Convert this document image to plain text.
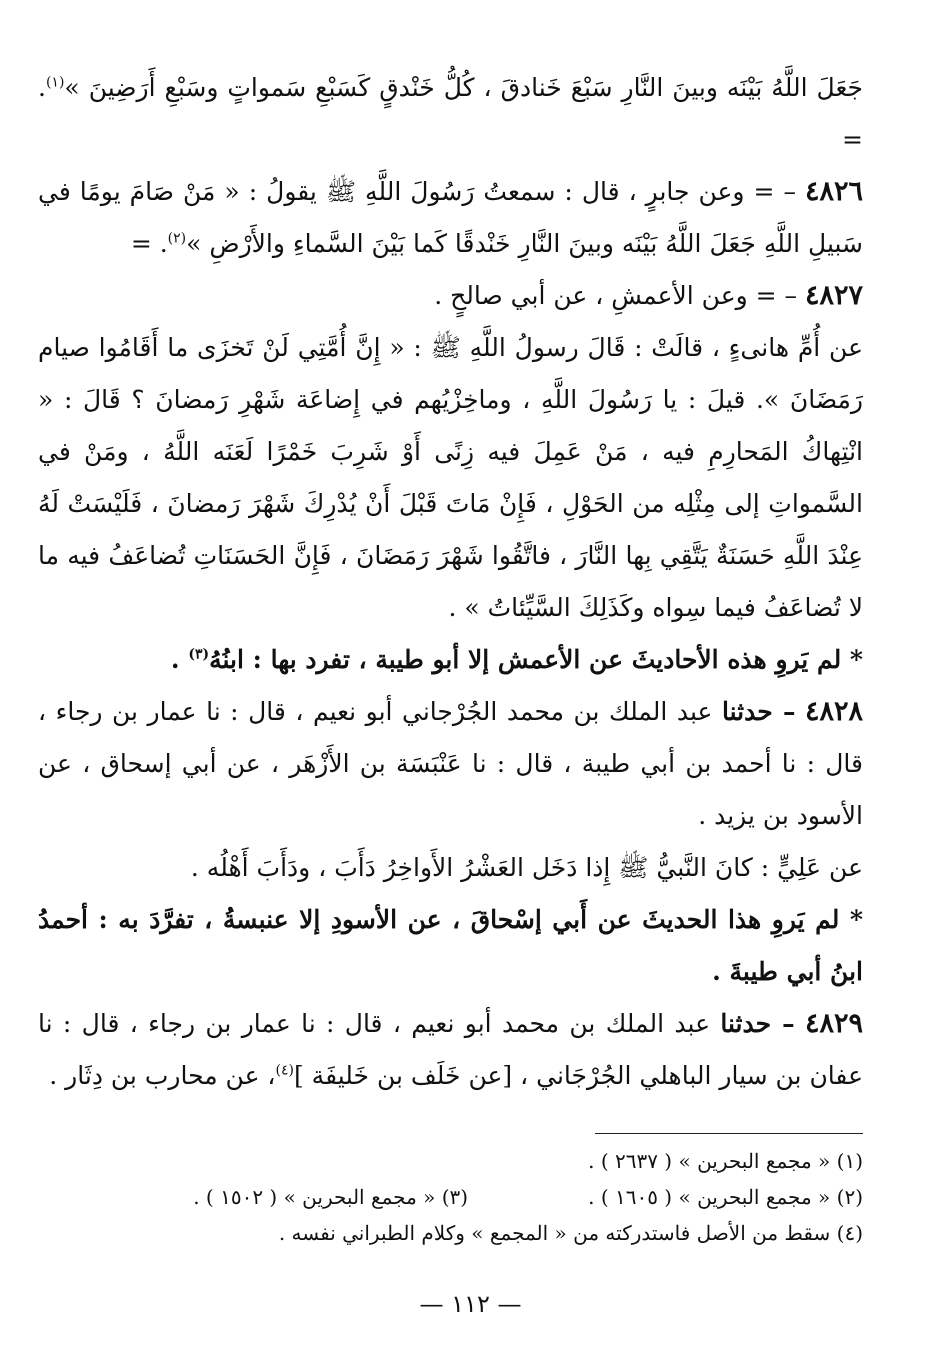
جَعَلَ اللَّهُ بَيْنَه وبينَ النَّارِ سَبْعَ خَنادقَ ، كُلُّ خَنْدقٍ كَسَبْعِ سَمواتٍ وسَبْعِ أَرَضِينَ »$^{(١)}$. =

٤٨٢٦ – = وعن جابرٍ ، قال : سمعتُ رَسُولَ اللَّهِ ﷺ يقولُ : « مَنْ صَامَ يومًا في سَبيلِ اللَّهِ جَعَلَ اللَّهُ بَيْنَه وبينَ النَّارِ خَنْدقًا كَما بَيْنَ السَّماءِ والأَرْضِ »$^{(٢)}$. =

٤٨٢٧ – = وعن الأعمشِ ، عن أبي صالحٍ .

عن أُمِّ هانىءٍ ، قالَتْ : قَالَ رسولُ اللَّهِ ﷺ : « إِنَّ أُمَّتِي لَنْ تَخزَى ما أَقَامُوا صيام رَمَضَانَ ». قيلَ : يا رَسُولَ اللَّهِ ، وماخِزْيُهم في إِضاعَة شَهْرِ رَمضانَ ؟ قَالَ : « انْتِهاكُ المَحارِمِ فيه ، مَنْ عَمِلَ فيه زِنًى أَوْ شَرِبَ خَمْرًا لَعَنَه اللَّهُ ، ومَنْ في السَّمواتِ إلى مِثْلِه من الحَوْلِ ، فَإِنْ مَاتَ قَبْلَ أَنْ يُدْرِكَ شَهْرَ رَمضانَ ، فَلَيْسَتْ لَهُ عِنْدَ اللَّهِ حَسَنَةٌ يَتَّقِي بِها النَّارَ ، فاتَّقُوا شَهْرَ رَمَضَانَ ، فَإِنَّ الحَسَنَاتِ تُضاعَفُ فيه ما لا تُضاعَفُ فيما سِواه وكَذَلِكَ السَّيِّئاتُ » .

* لم يَروِ هذه الأحاديثَ عن الأعمش إلا أبو طيبة ، تفرد بها : ابنُهُ$^{(٣)}$ .

٤٨٢٨ – حدثنا عبد الملك بن محمد الجُرْجاني أبو نعيم ، قال : نا عمار بن رجاء ، قال : نا أحمد بن أبي طيبة ، قال : نا عَنْبَسَة بن الأَزْهَر ، عن أبي إسحاق ، عن الأسود بن يزيد .

عن عَلِيٍّ : كانَ النَّبيُّ ﷺ إِذا دَخَل العَشْرُ الأَواخِرُ دَأَبَ ، ودَأَبَ أَهْلُه .

* لم يَروِ هذا الحديثَ عن أَبي إسْحاقَ ، عن الأسودِ إلا عنبسةُ ، تفرَّدَ به : أحمدُ ابنُ أبي طيبةَ .

٤٨٢٩ – حدثنا عبد الملك بن محمد أبو نعيم ، قال : نا عمار بن رجاء ، قال : نا عفان بن سيار الباهلي الجُرْجَاني ، [عن خَلَف بن خَليفَة ]$^{(٤)}$، عن محارب بن دِثَار .

(١) « مجمع البحرين » ( ٢٦٣٧ ) .
(٢) « مجمع البحرين » ( ١٦٠٥ ) .
(٣) « مجمع البحرين » ( ١٥٠٢ ) .
(٤) سقط من الأصل فاستدركته من « المجمع » وكلام الطبراني نفسه .
— ١١٢ —
